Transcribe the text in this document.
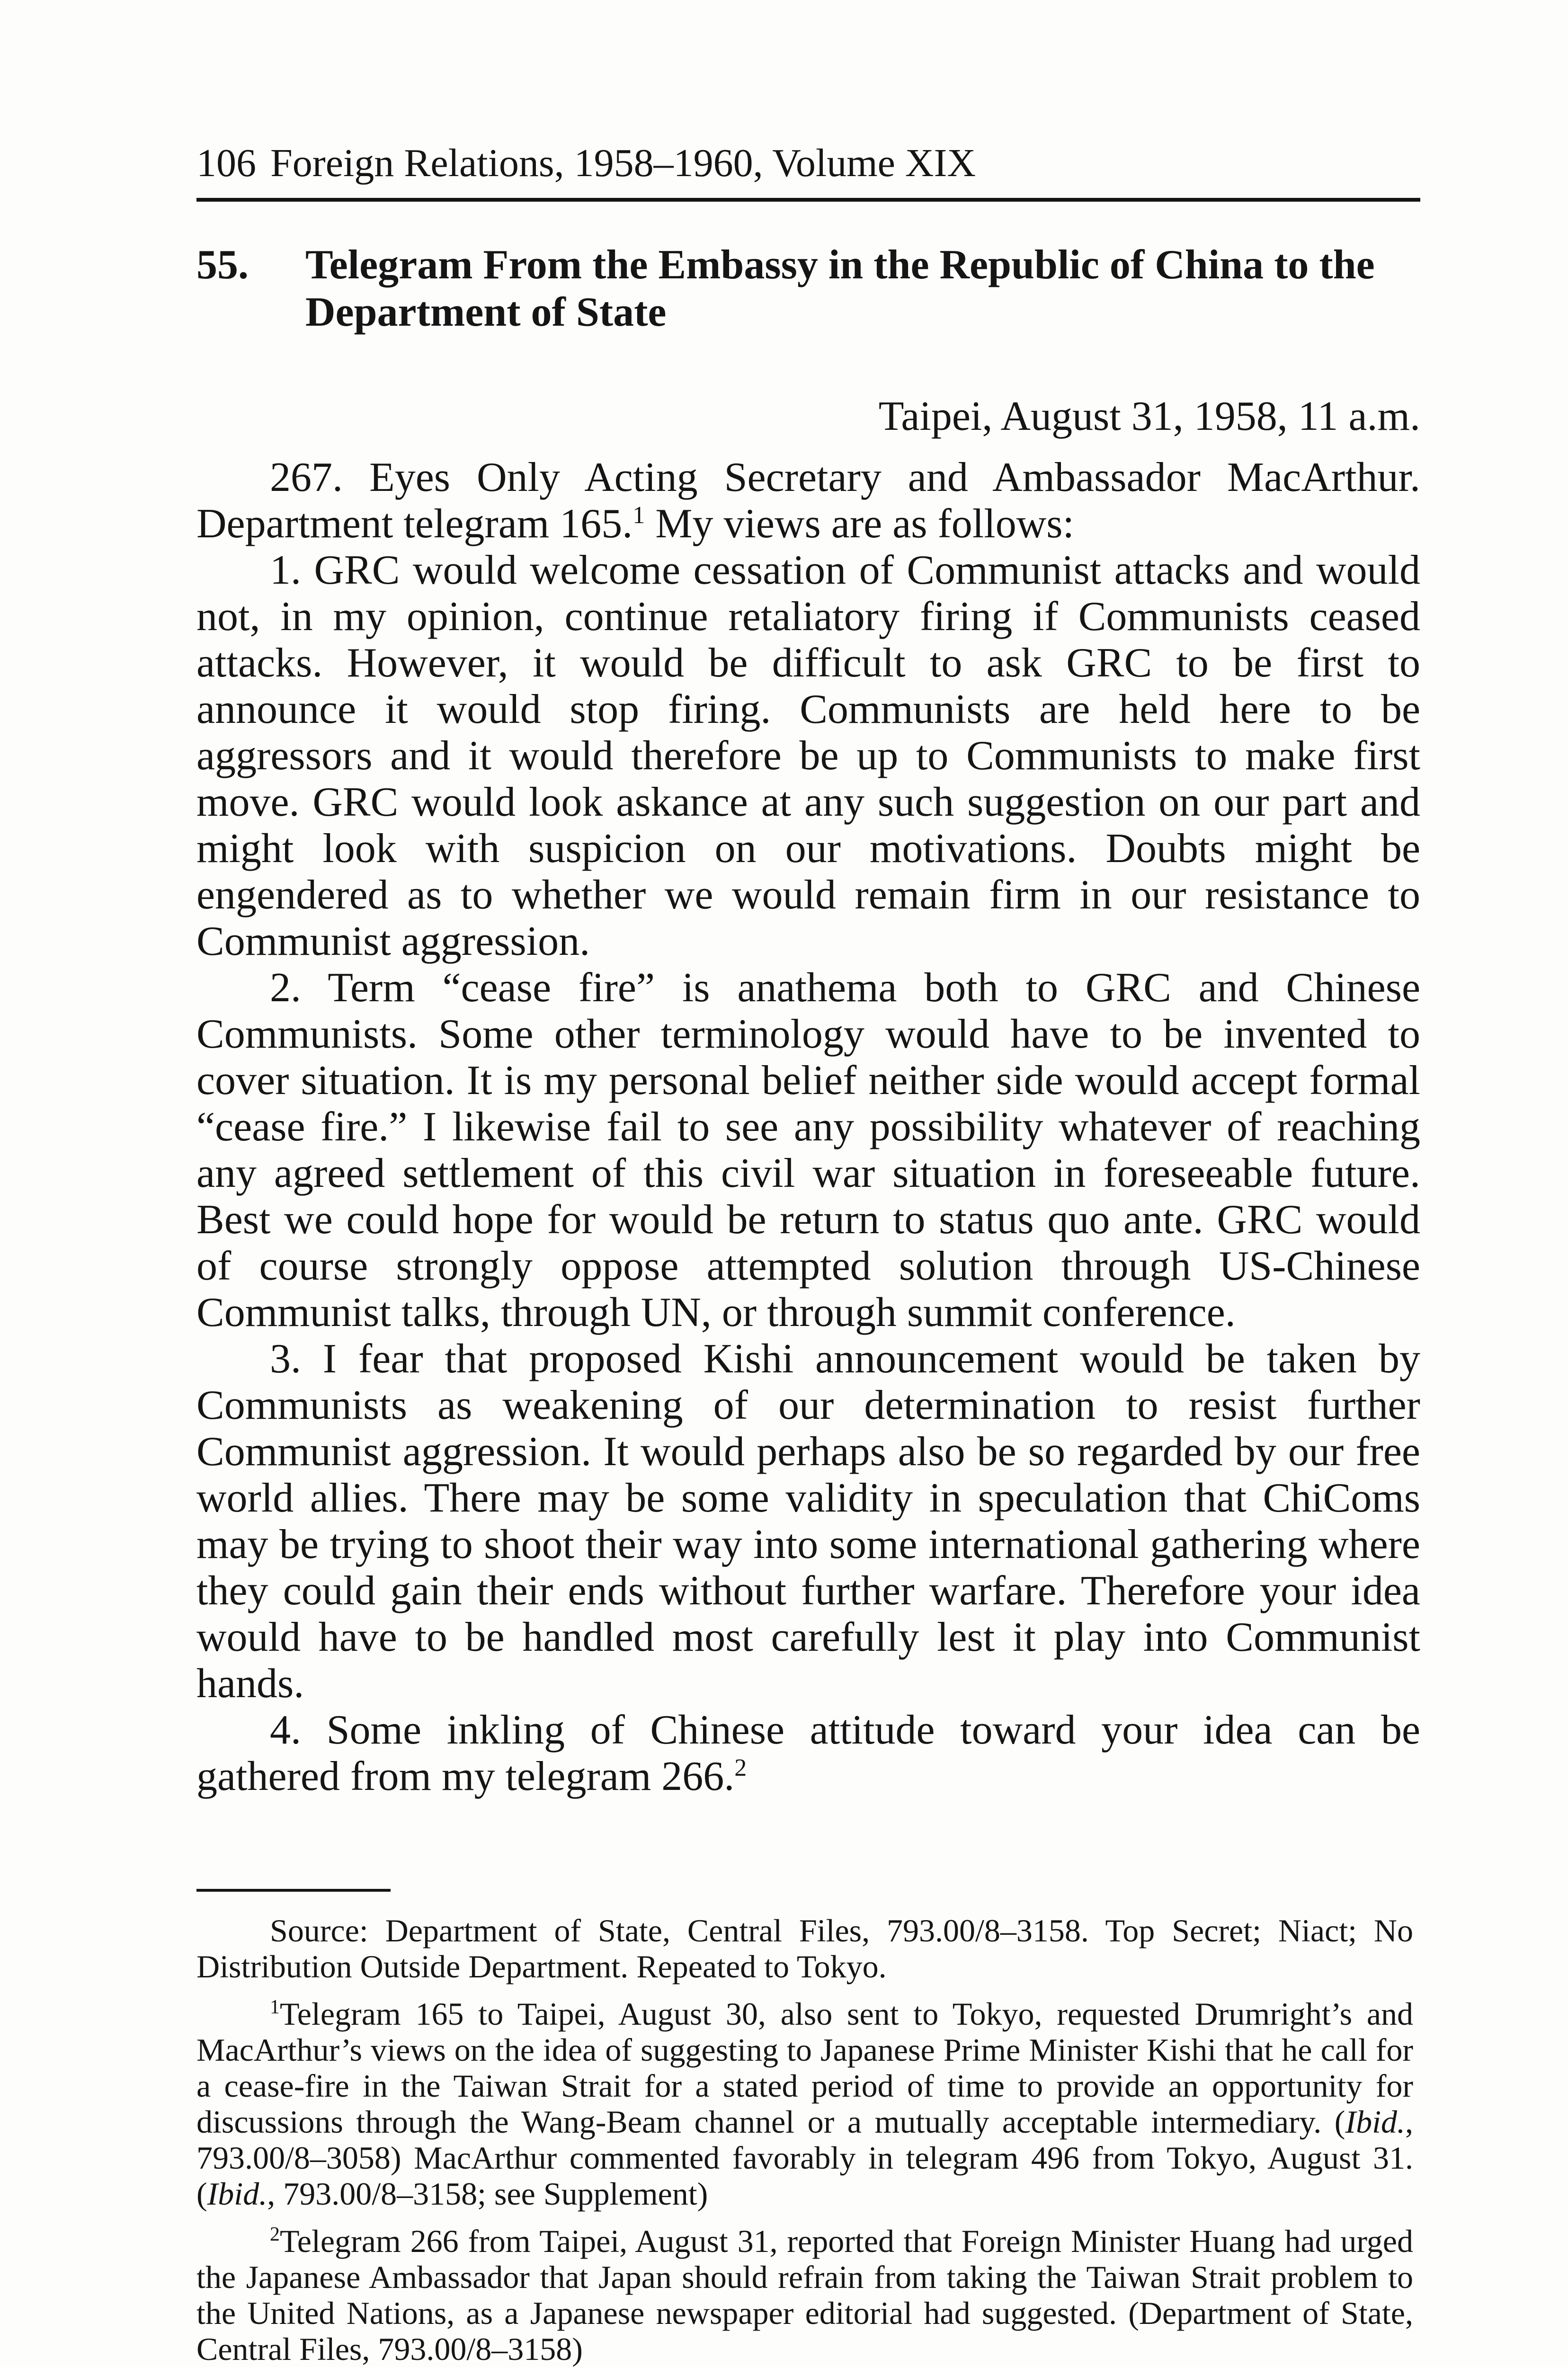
106 Foreign Relations, 1958–1960, Volume XIX
55. Telegram From the Embassy in the Republic of China to the Department of State
Taipei, August 31, 1958, 11 a.m.

267. Eyes Only Acting Secretary and Ambassador MacArthur. Department telegram 165.$^1$ My views are as follows:

1. GRC would welcome cessation of Communist attacks and would not, in my opinion, continue retaliatory firing if Communists ceased attacks. However, it would be difficult to ask GRC to be first to announce it would stop firing. Communists are held here to be aggressors and it would therefore be up to Communists to make first move. GRC would look askance at any such suggestion on our part and might look with suspicion on our motivations. Doubts might be engendered as to whether we would remain firm in our resistance to Communist aggression.

2. Term “cease fire” is anathema both to GRC and Chinese Communists. Some other terminology would have to be invented to cover situation. It is my personal belief neither side would accept formal “cease fire.” I likewise fail to see any possibility whatever of reaching any agreed settlement of this civil war situation in foreseeable future. Best we could hope for would be return to status quo ante. GRC would of course strongly oppose attempted solution through US-Chinese Communist talks, through UN, or through summit conference.

3. I fear that proposed Kishi announcement would be taken by Communists as weakening of our determination to resist further Communist aggression. It would perhaps also be so regarded by our free world allies. There may be some validity in speculation that ChiComs may be trying to shoot their way into some international gathering where they could gain their ends without further warfare. Therefore your idea would have to be handled most carefully lest it play into Communist hands.

4. Some inkling of Chinese attitude toward your idea can be gathered from my telegram 266.$^2$

Source: Department of State, Central Files, 793.00/8–3158. Top Secret; Niact; No Distribution Outside Department. Repeated to Tokyo.

$^1$Telegram 165 to Taipei, August 30, also sent to Tokyo, requested Drumright’s and MacArthur’s views on the idea of suggesting to Japanese Prime Minister Kishi that he call for a cease-fire in the Taiwan Strait for a stated period of time to provide an opportunity for discussions through the Wang-Beam channel or a mutually acceptable intermediary. (Ibid., 793.00/8–3058) MacArthur commented favorably in telegram 496 from Tokyo, August 31. (Ibid., 793.00/8–3158; see Supplement)

$^2$Telegram 266 from Taipei, August 31, reported that Foreign Minister Huang had urged the Japanese Ambassador that Japan should refrain from taking the Taiwan Strait problem to the United Nations, as a Japanese newspaper editorial had suggested. (Department of State, Central Files, 793.00/8–3158)
